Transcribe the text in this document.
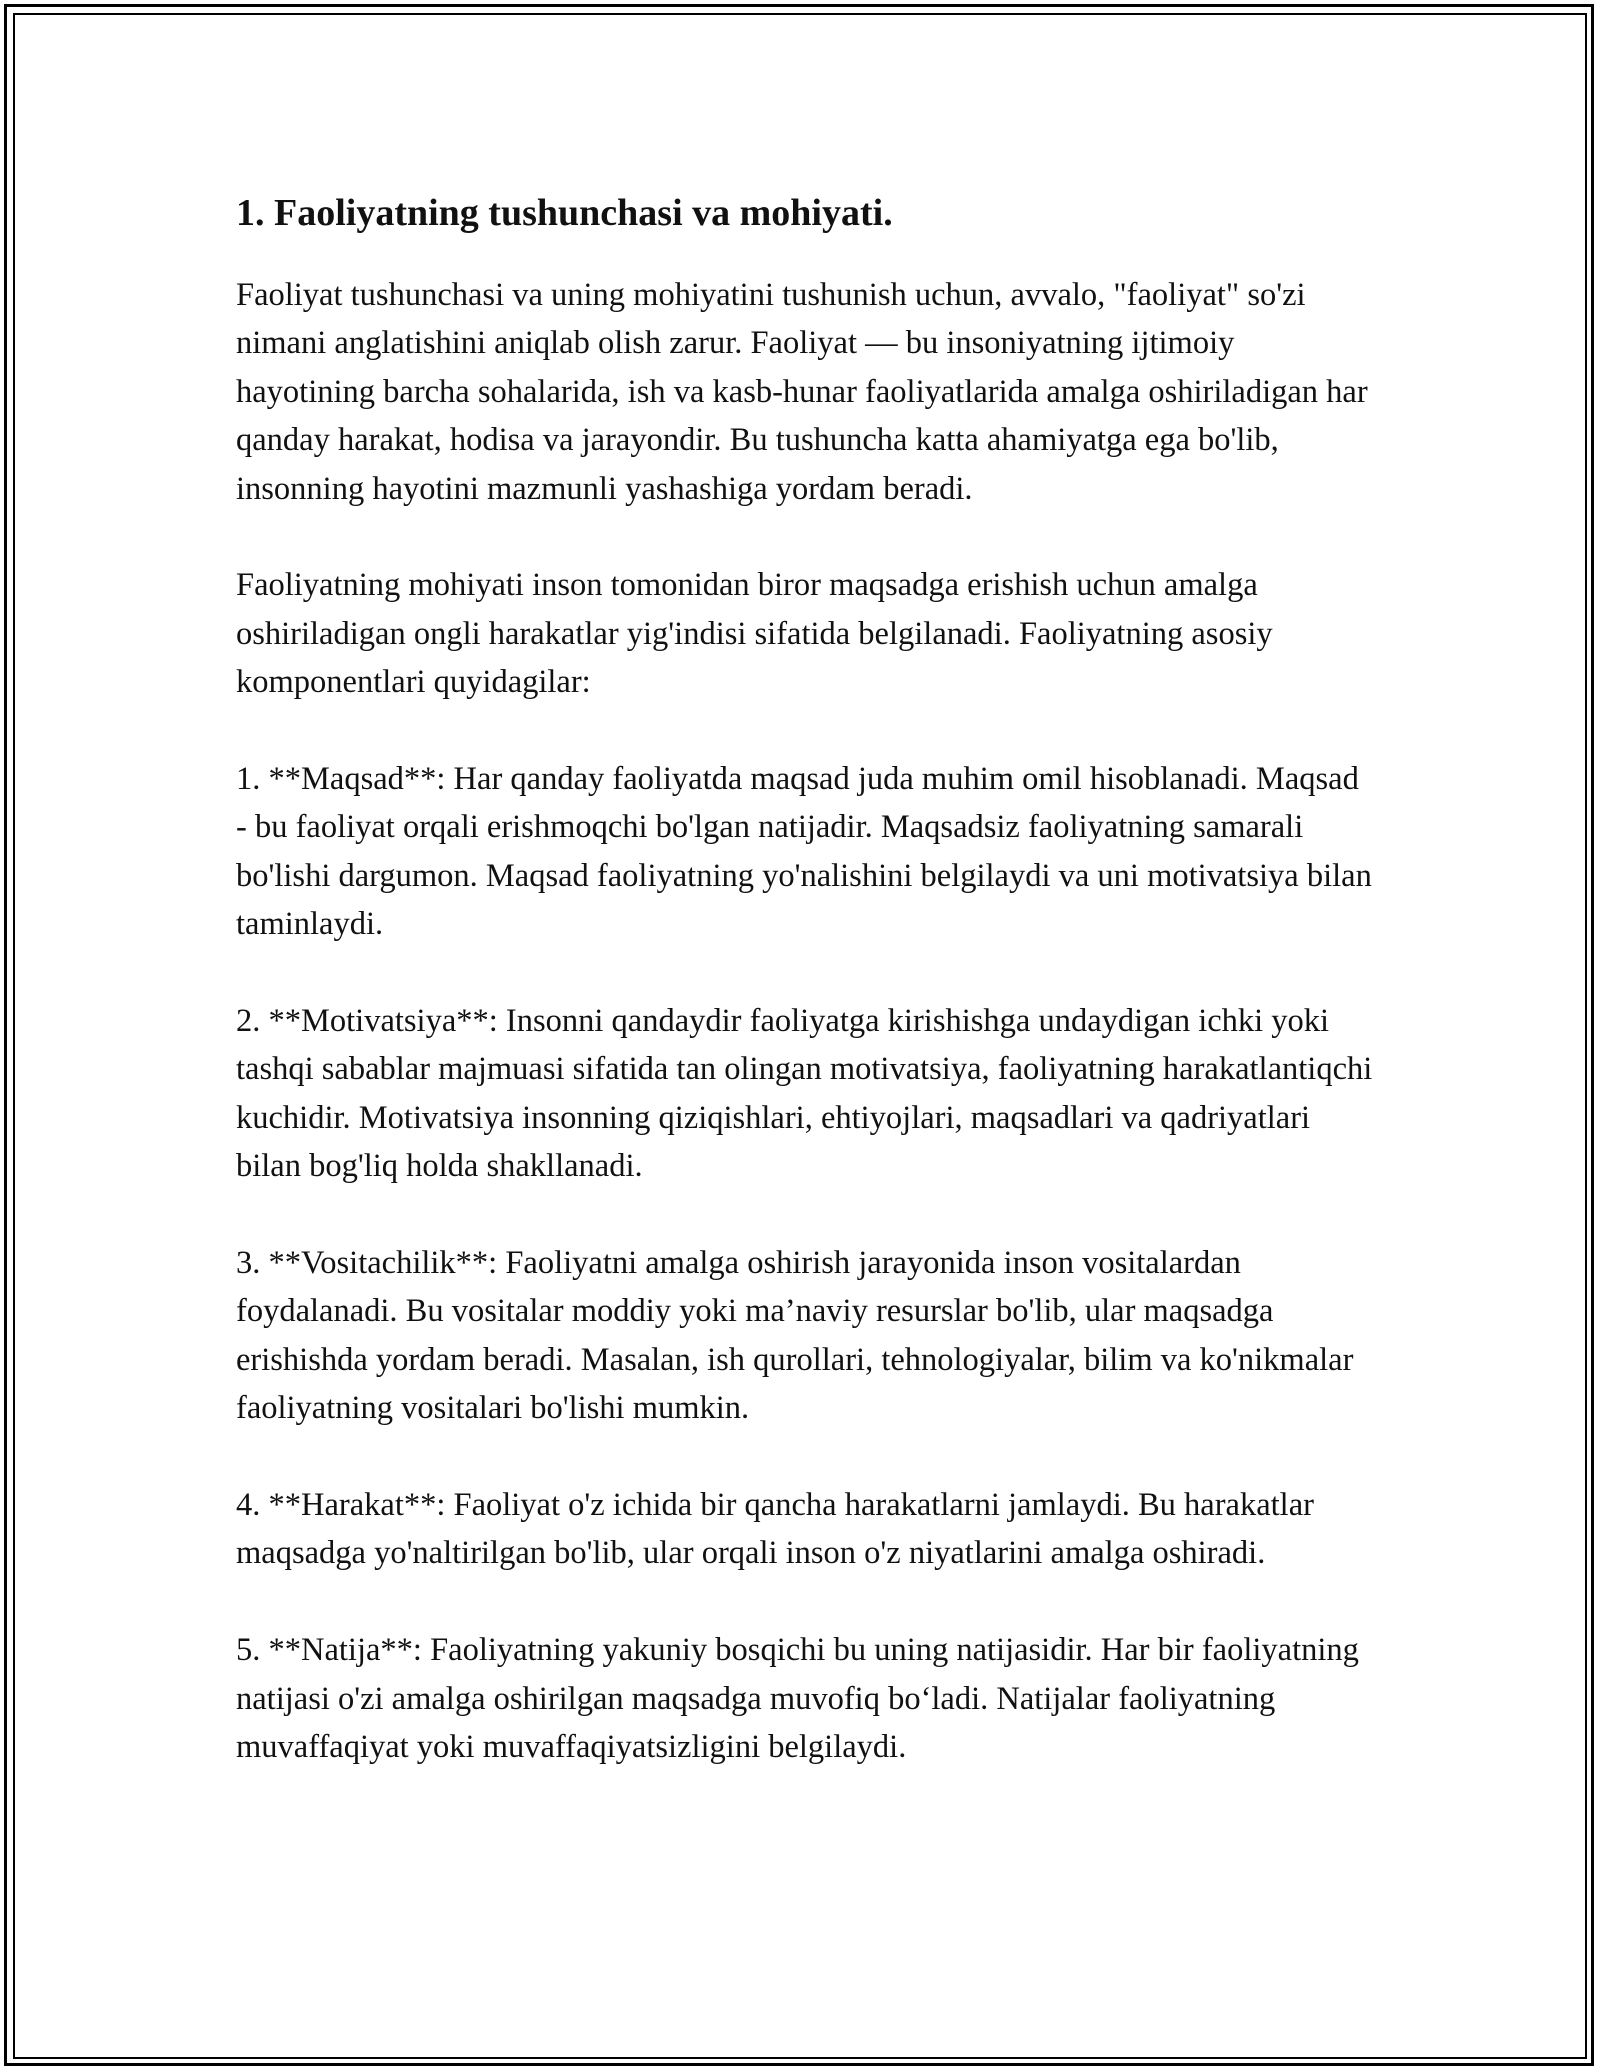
1. Faoliyatning tushunchasi va mohiyati.

Faoliyat tushunchasi va uning mohiyatini tushunish uchun, avvalo, "faoliyat" so'zi nimani anglatishini aniqlab olish zarur. Faoliyat — bu insoniyatning ijtimoiy hayotining barcha sohalarida, ish va kasb-hunar faoliyatlarida amalga oshiriladigan har qanday harakat, hodisa va jarayondir. Bu tushuncha katta ahamiyatga ega bo'lib, insonning hayotini mazmunli yashashiga yordam beradi.

Faoliyatning mohiyati inson tomonidan biror maqsadga erishish uchun amalga oshiriladigan ongli harakatlar yig'indisi sifatida belgilanadi. Faoliyatning asosiy komponentlari quyidagilar:

1. **Maqsad**: Har qanday faoliyatda maqsad juda muhim omil hisoblanadi. Maqsad - bu faoliyat orqali erishmoqchi bo'lgan natijadir. Maqsadsiz faoliyatning samarali bo'lishi dargumon. Maqsad faoliyatning yo'nalishini belgilaydi va uni motivatsiya bilan taminlaydi.

2. **Motivatsiya**: Insonni qandaydir faoliyatga kirishishga undaydigan ichki yoki tashqi sabablar majmuasi sifatida tan olingan motivatsiya, faoliyatning harakatlantiqchi kuchidir. Motivatsiya insonning qiziqishlari, ehtiyojlari, maqsadlari va qadriyatlari bilan bog'liq holda shakllanadi.

3. **Vositachilik**: Faoliyatni amalga oshirish jarayonida inson vositalardan foydalanadi. Bu vositalar moddiy yoki ma’naviy resurslar bo'lib, ular maqsadga erishishda yordam beradi. Masalan, ish qurollari, tehnologiyalar, bilim va ko'nikmalar faoliyatning vositalari bo'lishi mumkin.

4. **Harakat**: Faoliyat o'z ichida bir qancha harakatlarni jamlaydi. Bu harakatlar maqsadga yo'naltirilgan bo'lib, ular orqali inson o'z niyatlarini amalga oshiradi.

5. **Natija**: Faoliyatning yakuniy bosqichi bu uning natijasidir. Har bir faoliyatning natijasi o'zi amalga oshirilgan maqsadga muvofiq bo‘ladi. Natijalar faoliyatning muvaffaqiyat yoki muvaffaqiyatsizligini belgilaydi.
